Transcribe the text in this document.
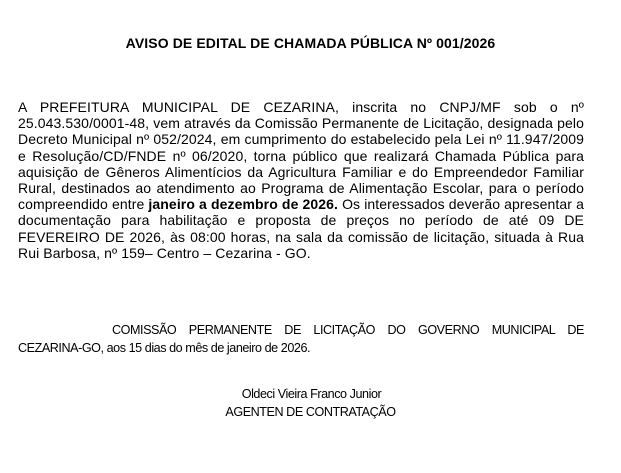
AVISO DE EDITAL DE CHAMADA PÚBLICA Nº 001/2026
A PREFEITURA MUNICIPAL DE CEZARINA, inscrita no CNPJ/MF sob o nº 25.043.530/0001-48, vem através da Comissão Permanente de Licitação, designada pelo Decreto Municipal nº 052/2024, em cumprimento do estabelecido pela Lei nº 11.947/2009 e Resolução/CD/FNDE nº 06/2020, torna público que realizará Chamada Pública para aquisição de Gêneros Alimentícios da Agricultura Familiar e do Empreendedor Familiar Rural, destinados ao atendimento ao Programa de Alimentação Escolar, para o período compreendido entre janeiro a dezembro de 2026. Os interessados deverão apresentar a documentação para habilitação e proposta de preços no período de até 09 DE FEVEREIRO DE 2026, às 08:00 horas, na sala da comissão de licitação, situada à Rua Rui Barbosa, nº 159– Centro – Cezarina - GO.
COMISSÃO PERMANENTE DE LICITAÇÃO DO GOVERNO MUNICIPAL DE CEZARINA-GO, aos 15 dias do mês de janeiro de 2026.
Oldeci Vieira Franco Junior
AGENTEN DE CONTRATAÇÃO
